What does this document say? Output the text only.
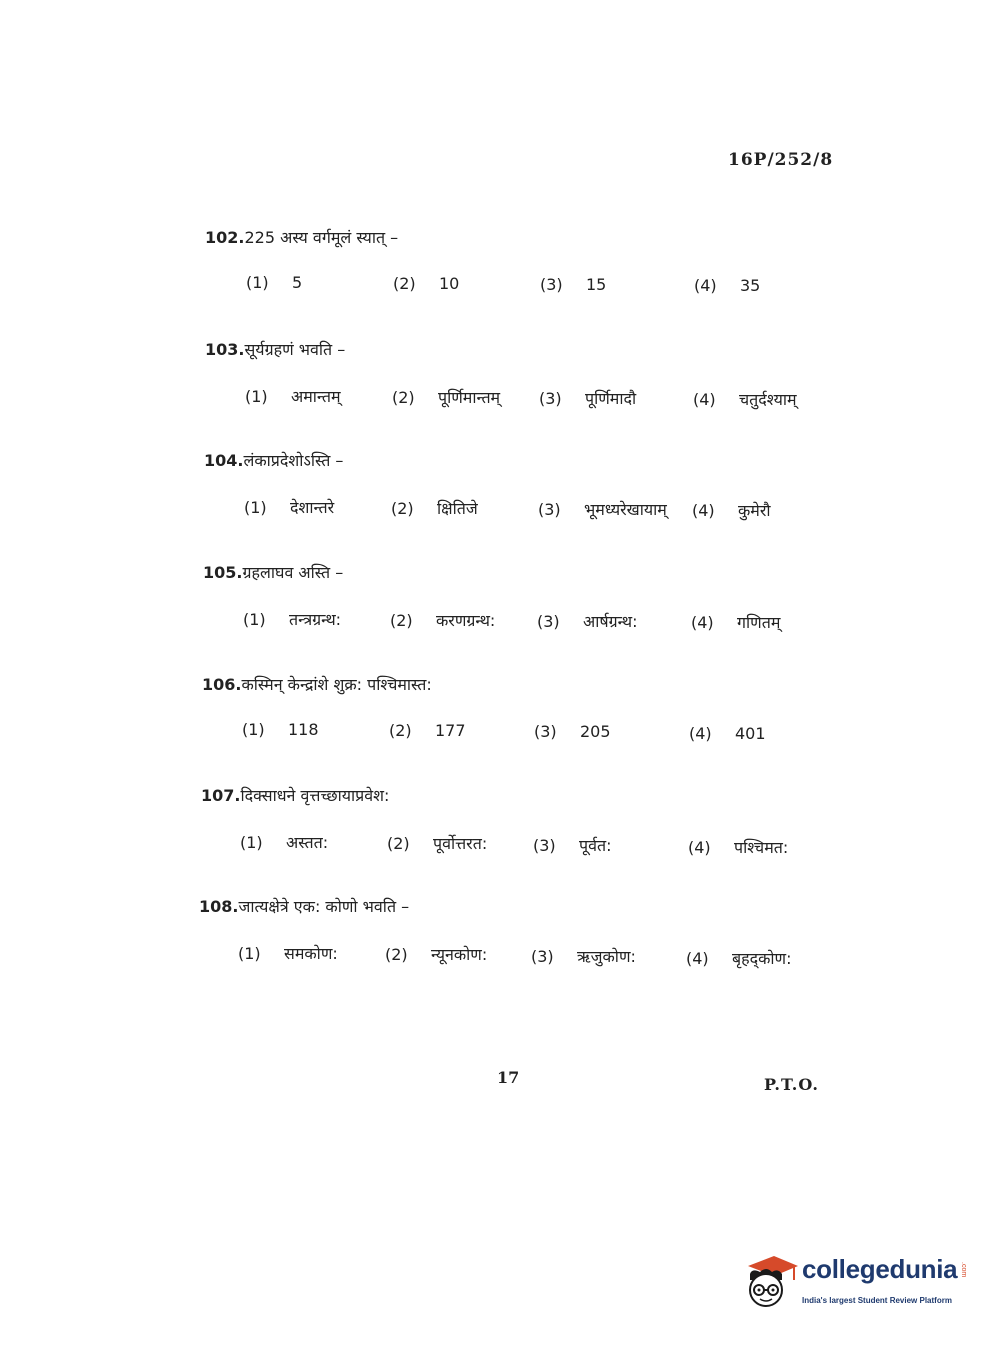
16P/252/8
102.225 अस्य वर्गमूलं स्यात् –
(1) 5	(2) 10	(3) 15	(4) 35
103.सूर्यग्रहणं भवति –
(1) अमान्तम्	(2) पूर्णिमान्तम् (3) पूर्णिमादौ	(4) चतुर्दश्याम्
104.लंकाप्रदेशोऽस्ति –
(1) देशान्तरे	(2) क्षितिजे	(3) भूमध्यरेखायाम् (4) कुमेरौ
105.ग्रहलाघव अस्ति –
(1) तन्त्रग्रन्थ:	(2) करणग्रन्थ:	(3) आर्षग्रन्थ:	(4) गणितम्
106.कस्मिन् केन्द्रांशे शुक्र: पश्चिमास्त:
(1) 118	(2) 177	(3) 205	(4) 401
107.दिक्साधने वृत्तच्छायाप्रवेश:
(1) अस्तत:	(2) पूर्वोत्तरत:	(3) पूर्वत:	(4) पश्चिमत:
108.जात्यक्षेत्रे एक: कोणो भवति –
(1) समकोण:	(2) न्यूनकोण:	(3) ऋजुकोण:	(4) बृहद्कोण:
17	P.T.O.
collegedunia .com
India's largest Student Review Platform
